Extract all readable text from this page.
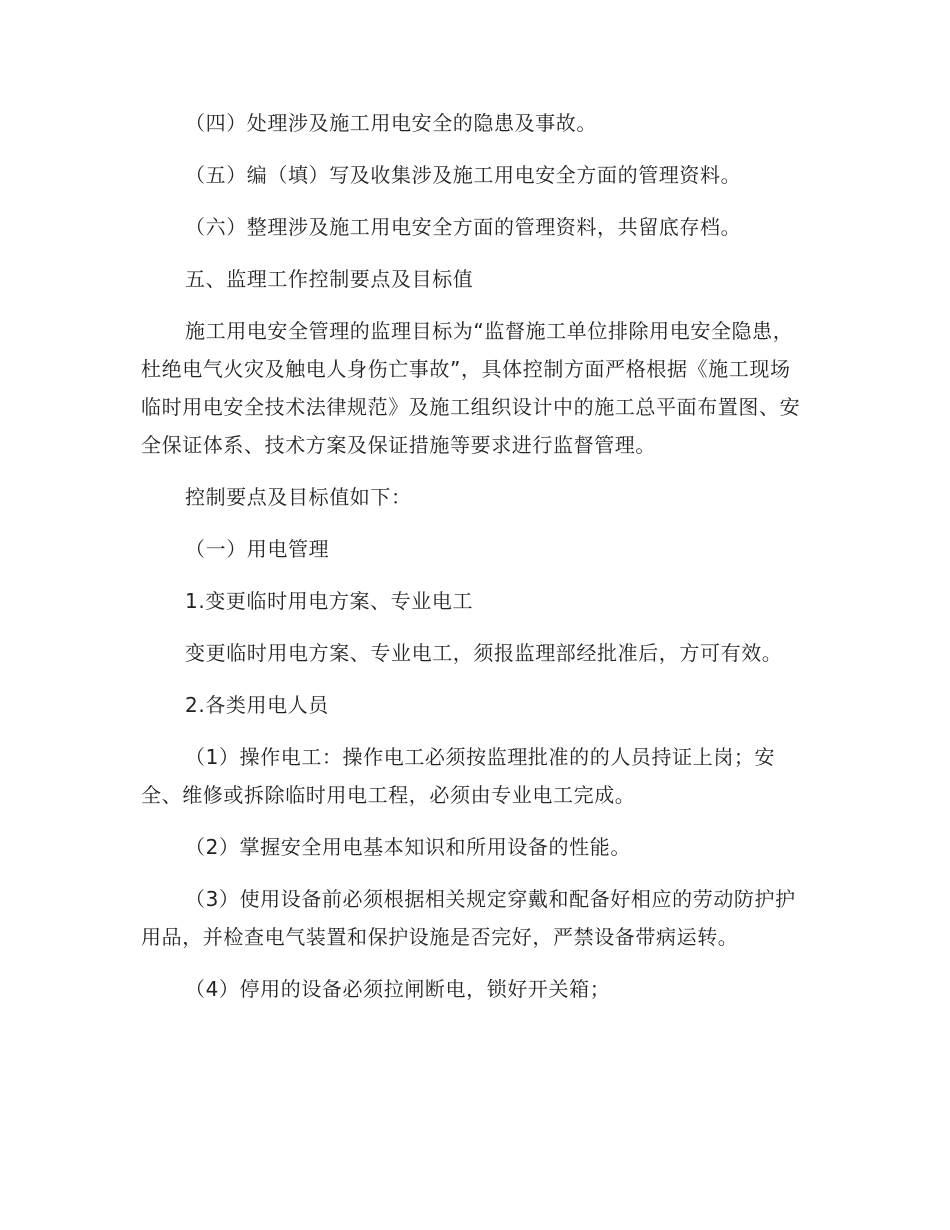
（四）处理涉及施工用电安全的隐患及事故。

（五）编（填）写及收集涉及施工用电安全方面的管理资料。

（六）整理涉及施工用电安全方面的管理资料，共留底存档。

五、监理工作控制要点及目标值

施工用电安全管理的监理目标为“监督施工单位排除用电安全隐患，杜绝电气火灾及触电人身伤亡事故”，具体控制方面严格根据《施工现场临时用电安全技术法律规范》及施工组织设计中的施工总平面布置图、安全保证体系、技术方案及保证措施等要求进行监督管理。

控制要点及目标值如下：

（一）用电管理

1.变更临时用电方案、专业电工

变更临时用电方案、专业电工，须报监理部经批准后，方可有效。

2.各类用电人员

（1）操作电工：操作电工必须按监理批准的的人员持证上岗；安全、维修或拆除临时用电工程，必须由专业电工完成。

（2）掌握安全用电基本知识和所用设备的性能。

（3）使用设备前必须根据相关规定穿戴和配备好相应的劳动防护护用品，并检查电气装置和保护设施是否完好，严禁设备带病运转。

（4）停用的设备必须拉闸断电，锁好开关箱；
